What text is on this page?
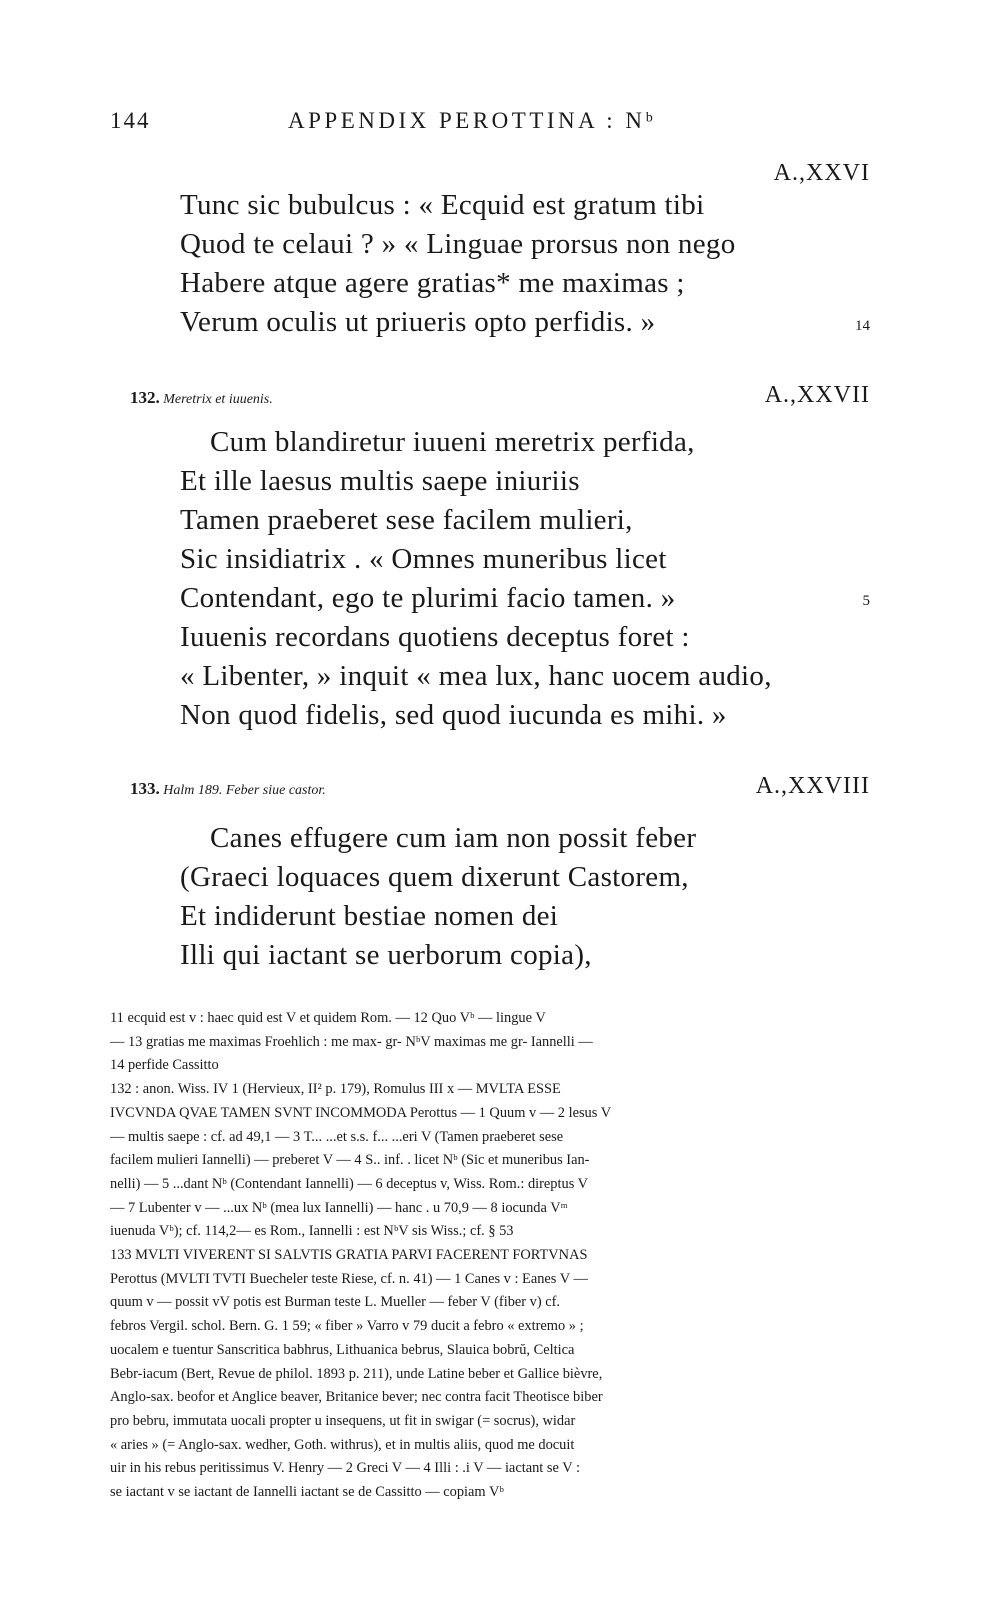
144	APPENDIX PEROTTINA : Nᵇ
A.,XXVI
Tunc sic bubulcus : « Ecquid est gratum tibi
Quod te celaui ? » « Linguae prorsus non nego
Habere atque agere gratias* me maximas ;
Verum oculis ut priueris opto perfidis. »	14
132. Meretrix et iuuenis.	A.,XXVII
Cum blandiretur iuueni meretrix perfida,
Et ille laesus multis saepe iniuriis
Tamen praeberet sese facilem mulieri,
Sic insidiatrix . « Omnes muneribus licet
Contendant, ego te plurimi facio tamen. »
Iuuenis recordans quotiens deceptus foret :
« Libenter, » inquit « mea lux, hanc uocem audio,
Non quod fidelis, sed quod iucunda es mihi. »
5
133. Halm 189. Feber siue castor.	A.,XXVIII
Canes effugere cum iam non possit feber
(Graeci loquaces quem dixerunt Castorem,
Et indiderunt bestiae nomen dei
Illi qui iactant se uerborum copia),
11 ecquid est v : haec quid est V et quidem Rom. — 12 Quo Vᵇ — lingue V
— 13 gratias me maximas Froehlich : me max- gr- NᵇV maximas me gr- Iannelli —
14 perfide Cassitto
132 : anon. Wiss. IV 1 (Hervieux, II² p. 179), Romulus III x — MVLTA ESSE
IVCVNDA QVAE TAMEN SVNT INCOMMODA Perottus — 1 Quum v — 2 lesus V
— multis saepe : cf. ad 49,1 — 3 T... ...et s.s. f... ...eri V (Tamen praeberet sese
facilem mulieri Iannelli) — preberet V — 4 S.. inf. . licet Nᵇ (Sic et muneribus Ian-
nelli) — 5 ...dant Nᵇ (Contendant Iannelli) — 6 deceptus v, Wiss. Rom.: direptus V
— 7 Lubenter v — ...ux Nᵇ (mea lux Iannelli) — hanc . u 70,9 — 8 iocunda Vᵐ
iuenuda Vᵇ); cf. 114,2— es Rom., Iannelli : est NᵇV sis Wiss.; cf. § 53
133 MVLTI VIVERENT SI SALVTIS GRATIA PARVI FACERENT FORTVNAS
Perottus (MVLTI TVTI Buecheler teste Riese, cf. n. 41) — 1 Canes v : Eanes V —
quum v — possit vV potis est Burman teste L. Mueller — feber V (fiber v) cf.
febros Vergil. schol. Bern. G. 1 59; « fiber » Varro v 79 ducit a febro « extremo » ;
uocalem e tuentur Sanscritica babhrus, Lithuanica bebrus, Slauica bobrŭ, Celtica
Bebr-iacum (Bert, Revue de philol. 1893 p. 211), unde Latine beber et Gallice bièvre,
Anglo-sax. beofor et Anglice beaver, Britanice bever; nec contra facit Theotisce biber
pro bebru, immutata uocali propter u insequens, ut fit in swigar (= socrus), widar
« aries » (= Anglo-sax. wedher, Goth. withrus), et in multis aliis, quod me docuit
uir in his rebus peritissimus V. Henry — 2 Greci V — 4 Illi : .i V — iactant se V :
se iactant v se iactant de Iannelli iactant se de Cassitto — copiam Vᵇ
